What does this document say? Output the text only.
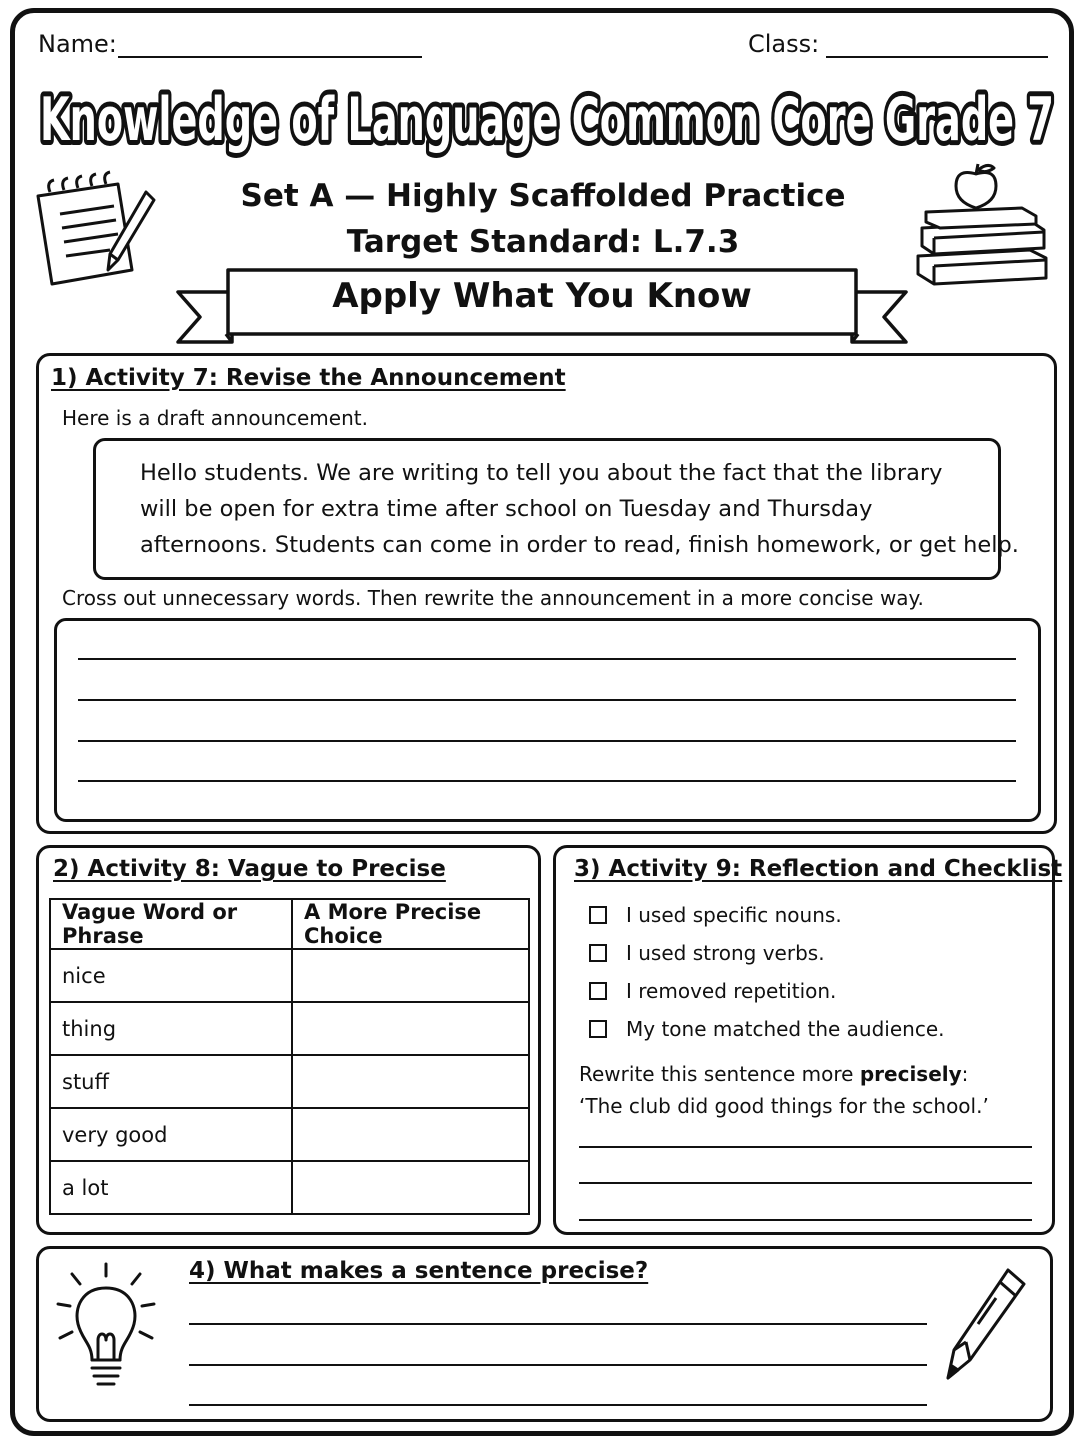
Name:	Class:
Knowledge of Language Common Core Grade 7
Set A — Highly Scaffolded Practice
Target Standard: L.7.3
Apply What You Know
1) Activity 7: Revise the Announcement
Here is a draft announcement.
Hello students. We are writing to tell you about the fact that the library
will be open for extra time after school on Tuesday and Thursday
afternoons. Students can come in order to read, finish homework, or get help.
Cross out unnecessary words. Then rewrite the announcement in a more concise way.
2) Activity 8: Vague to Precise
Vague Word or Phrase	A More Precise Choice
nice	
thing	
stuff	
very good	
a lot	
3) Activity 9: Reflection and Checklist
I used specific nouns.
I used strong verbs.
I removed repetition.
My tone matched the audience.
Rewrite this sentence more precisely:
‘The club did good things for the school.’
4) What makes a sentence precise?
